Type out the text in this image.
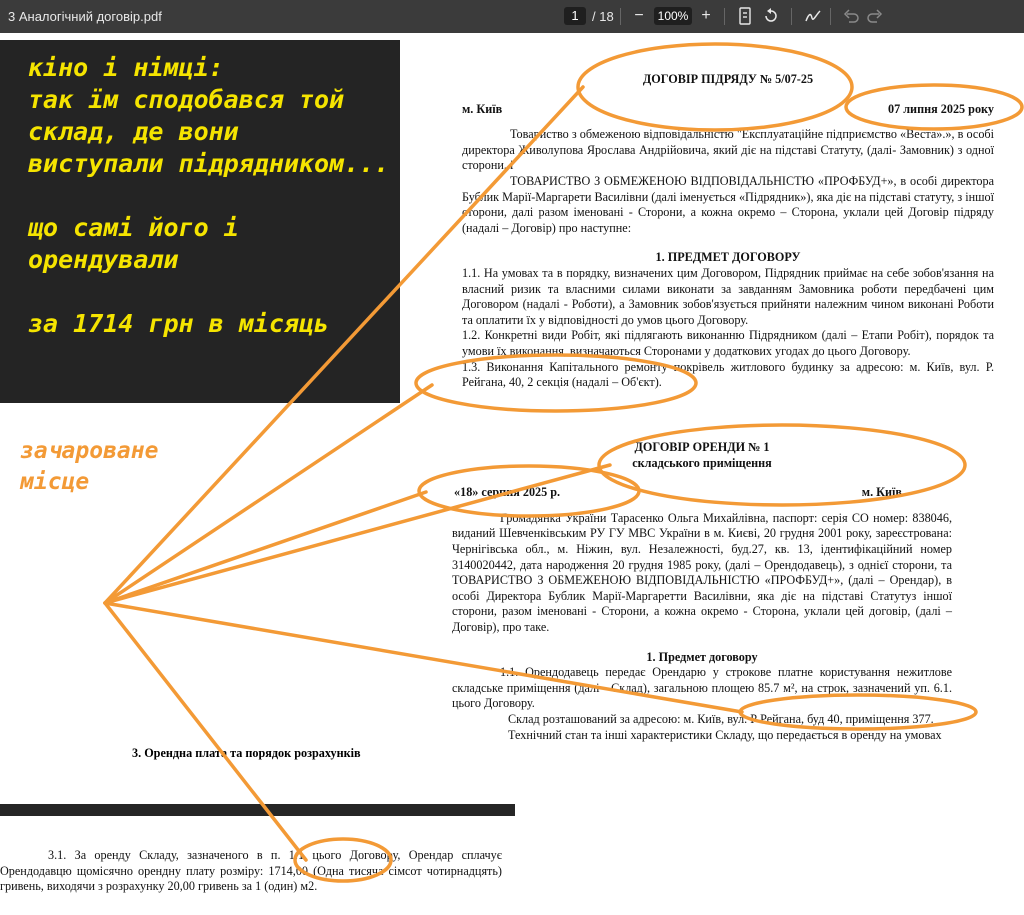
3 Аналогічний договір.pdf	1	/ 18	−	100% +
кіно і німці:
так їм сподобався той
склад, де вони
виступали підрядником...

що самі його і
орендували

за 1714 грн в місяць
зачароване
місце
ДОГОВІР ПІДРЯДУ № 5/07-25
м. Київ	07 липня 2025 року
Товариство з обмеженою відповідальністю "Експлуатаційне підприємство «Веста».», в особі директора Живолупова Ярослава Андрійовича, який діє на підставі Статуту, (далі- Замовник) з одної сторони, і
ТОВАРИСТВО З ОБМЕЖЕНОЮ ВІДПОВІДАЛЬНІСТЮ «ПРОФБУД+», в особі директора Бублик Марії-Маргарети Василівни (далі іменується «Підрядник»), яка діє на підставі статуту, з іншої сторони, далі разом іменовані - Сторони, а кожна окремо – Сторона, уклали цей Договір підряду (надалі – Договір) про наступне:
1. ПРЕДМЕТ ДОГОВОРУ
1.1. На умовах та в порядку, визначених цим Договором, Підрядник приймає на себе зобов'язання на власний ризик та власними силами виконати за завданням Замовника роботи передбачені цим Договором (надалі - Роботи), а Замовник зобов'язується прийняти належним чином виконані Роботи та оплатити їх у відповідності до умов цього Договору.
1.2. Конкретні види Робіт, які підлягають виконанню Підрядником (далі – Етапи Робіт), порядок та умови їх виконання, визначаються Сторонами у додаткових угодах до цього Договору.
1.3. Виконання Капітального ремонту покрівель житлового будинку за адресою: м. Київ, вул. Р. Рейгана, 40, 2 секція (надалі – Об'єкт).
ДОГОВІР ОРЕНДИ № 1
складського приміщення
«18» серпня 2025 р.	м. Київ
Громадянка України Тарасенко Ольга Михайлівна, паспорт: серія СО номер: 838046, виданий Шевченківським РУ ГУ МВС України в м. Києві, 20 грудня 2001 року, зареєстрована: Чернігівська обл., м. Ніжин, вул. Незалежності, буд.27, кв. 13, ідентифікаційний номер 3140020442, дата народження 20 грудня 1985 року, (далі – Орендодавець), з однієї сторони, та ТОВАРИСТВО З ОБМЕЖЕНОЮ ВІДПОВІДАЛЬНІСТЮ «ПРОФБУД+», (далі – Орендар), в особі Директора Бублик Марії-Маргаретти Василівни, яка діє на підставі Статутуз іншої сторони, разом іменовані - Сторони, а кожна окремо - Сторона, уклали цей договір, (далі – Договір), про таке.
1. Предмет договору
1.1. Орендодавець передає Орендарю у строкове платне користування нежитлове складське приміщення (далі - Склад), загальною площею 85.7 м², на строк, зазначений уп. 6.1. цього Договору.
Склад розташований за адресою: м. Київ, вул. Р Рейгана, буд 40, приміщення 377.
Технічний стан та інші характеристики Складу, що передається в оренду на умовах
3. Орендна плата та порядок розрахунків
3.1. За оренду Складу, зазначеного в п. 1.1 цього Договору, Орендар сплачує Орендодавцю щомісячно орендну плату розміру: 1714,00 (Одна тисяча сімсот чотирнадцять) гривень, виходячи з розрахунку 20,00 гривень за 1 (один) м2.
